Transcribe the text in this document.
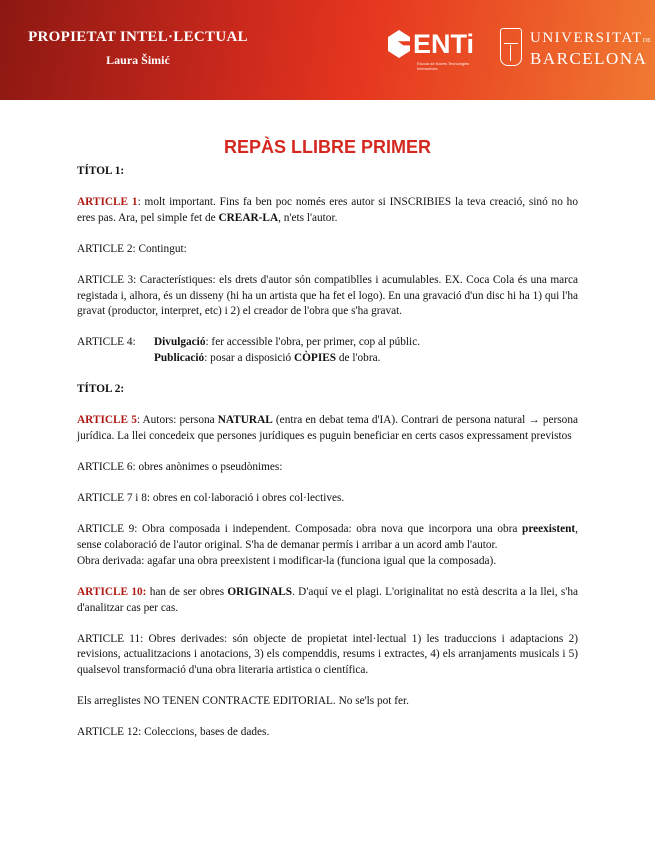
PROPIETAT INTEL·LECTUAL
Laura Šimić
ENTi
Escola de Noves Tecnologies Interactives
UNIVERSITATDE
BARCELONA
REPÀS LLIBRE PRIMER

TÍTOL 1:

ARTICLE 1: molt important. Fins fa ben poc només eres autor si INSCRIBIES la teva creació, sinó no ho eres pas. Ara, pel simple fet de CREAR-LA, n'ets l'autor.

ARTICLE 2: Contingut:

ARTICLE 3: Característiques: els drets d'autor són compatiblles i acumulables. EX. Coca Cola és una marca registada i, alhora, és un disseny (hi ha un artista que ha fet el logo). En una gravació d'un disc hi ha 1) qui l'ha gravat (productor, interpret, etc) i 2) el creador de l'obra que s'ha gravat.

ARTICLE 4:	Divulgació: fer accessible l'obra, per primer, cop al públic.
Publicació: posar a disposició CÒPIES de l'obra.

TÍTOL 2:

ARTICLE 5: Autors: persona NATURAL (entra en debat tema d'IA). Contrari de persona natural → persona jurídica. La llei concedeix que persones jurídiques es puguin beneficiar en certs casos expressament previstos

ARTICLE 6: obres anònimes o pseudònimes:

ARTICLE 7 i 8: obres en col·laboració i obres col·lectives.

ARTICLE 9: Obra composada i independent. Composada: obra nova que incorpora una obra preexistent, sense colaboració de l'autor original. S'ha de demanar permís i arribar a un acord amb l'autor.
Obra derivada: agafar una obra preexistent i modificar-la (funciona igual que la composada).

ARTICLE 10: han de ser obres ORIGINALS. D'aquí ve el plagi. L'originalitat no està descrita a la llei, s'ha d'analitzar cas per cas.

ARTICLE 11: Obres derivades: són objecte de propietat intel·lectual 1) les traduccions i adaptacions 2) revisions, actualitzacions i anotacions, 3) els compenddis, resums i extractes, 4) els arranjaments musicals i 5) qualsevol transformació d'una obra literaria artistica o científica.

Els arreglistes NO TENEN CONTRACTE EDITORIAL. No se'ls pot fer.

ARTICLE 12: Coleccions, bases de dades.
